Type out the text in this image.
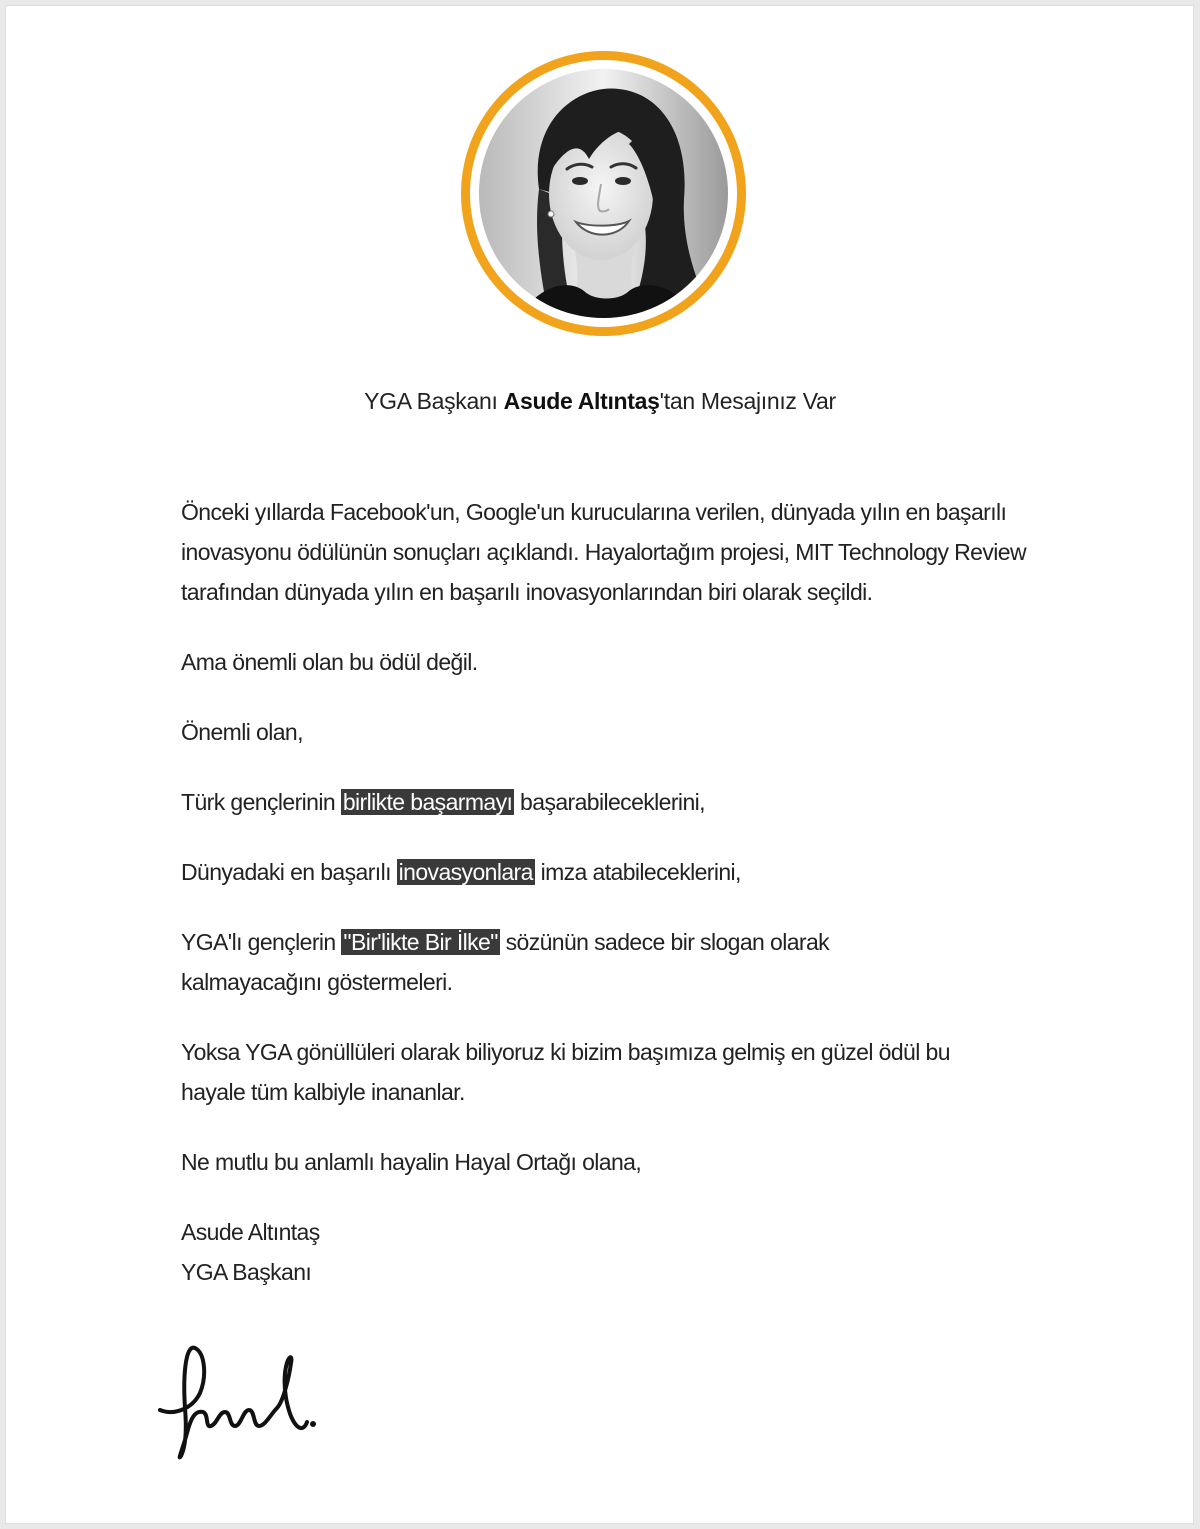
YGA Başkanı Asude Altıntaş'tan Mesajınız Var

Önceki yıllarda Facebook'un, Google'un kurucularına verilen, dünyada yılın en başarılı inovasyonu ödülünün sonuçları açıklandı. Hayalortağım projesi, MIT Technology Review tarafından dünyada yılın en başarılı inovasyonlarından biri olarak seçildi.

Ama önemli olan bu ödül değil.

Önemli olan,

Türk gençlerinin birlikte başarmayı başarabileceklerini,

Dünyadaki en başarılı inovasyonlara imza atabileceklerini,

YGA'lı gençlerin "Bir'likte Bir İlke" sözünün sadece bir slogan olarak kalmayacağını göstermeleri.

Yoksa YGA gönüllüleri olarak biliyoruz ki bizim başımıza gelmiş en güzel ödül bu hayale tüm kalbiyle inananlar.

Ne mutlu bu anlamlı hayalin Hayal Ortağı olana,

Asude Altıntaş

YGA Başkanı
